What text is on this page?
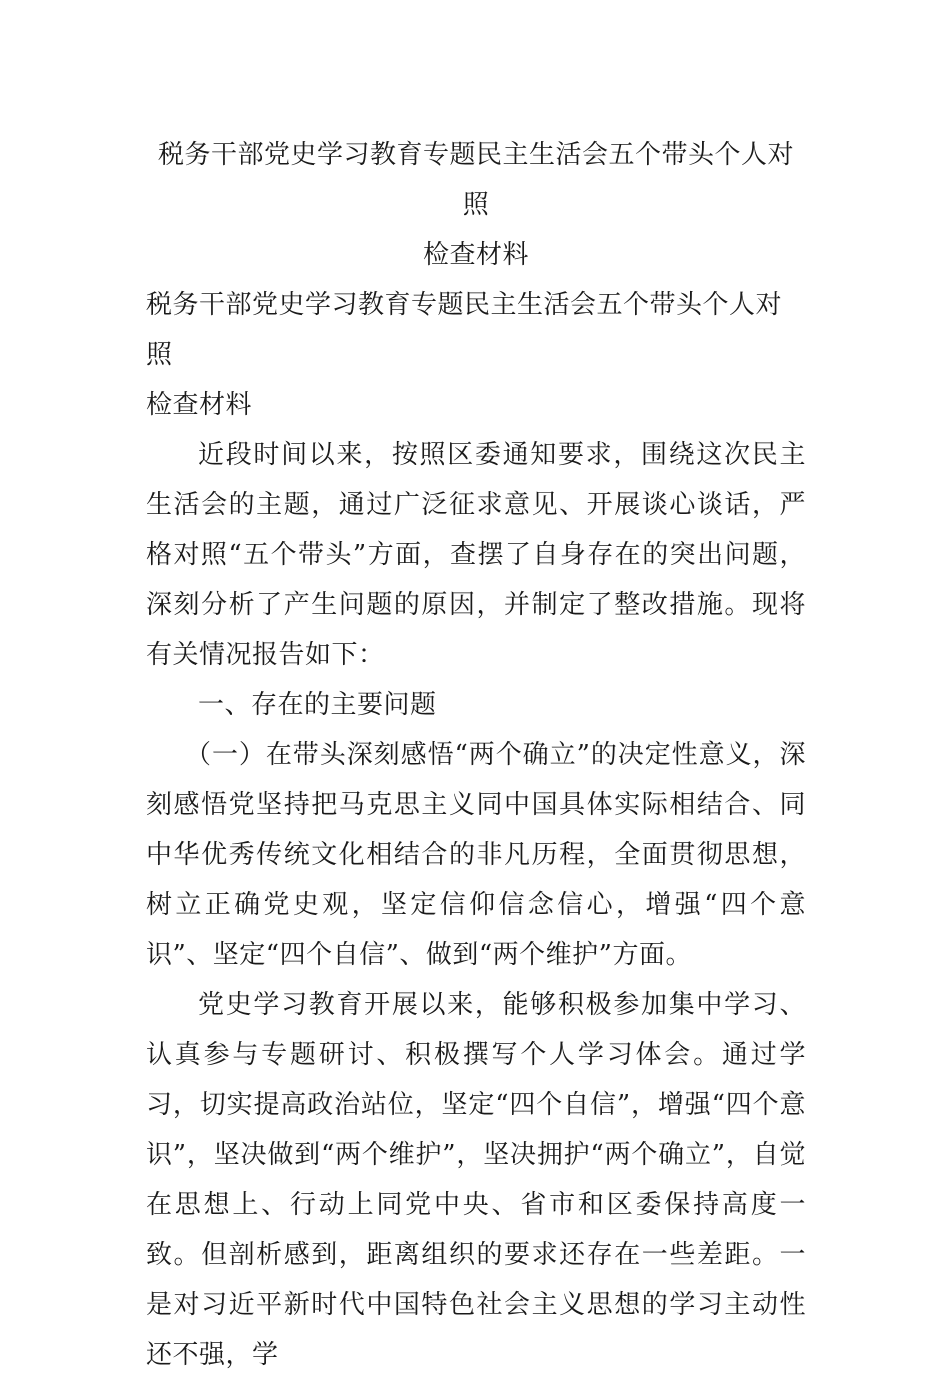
税务干部党史学习教育专题民主生活会五个带头个人对照

检查材料

税务干部党史学习教育专题民主生活会五个带头个人对照

检查材料

近段时间以来，按照区委通知要求，围绕这次民主生活会的主题，通过广泛征求意见、开展谈心谈话，严格对照“五个带头”方面，查摆了自身存在的突出问题，深刻分析了产生问题的原因，并制定了整改措施。现将有关情况报告如下：

一、存在的主要问题

（一）在带头深刻感悟“两个确立”的决定性意义，深刻感悟党坚持把马克思主义同中国具体实际相结合、同中华优秀传统文化相结合的非凡历程，全面贯彻思想，树立正确党史观，坚定信仰信念信心，增强“四个意识”、坚定“四个自信”、做到“两个维护”方面。

党史学习教育开展以来，能够积极参加集中学习、认真参与专题研讨、积极撰写个人学习体会。通过学习，切实提高政治站位，坚定“四个自信”，增强“四个意识”，坚决做到“两个维护”，坚决拥护“两个确立”，自觉在思想上、行动上同党中央、省市和区委保持高度一致。但剖析感到，距离组织的要求还存在一些差距。一是对习近平新时代中国特色社会主义思想的学习主动性还不强，学
